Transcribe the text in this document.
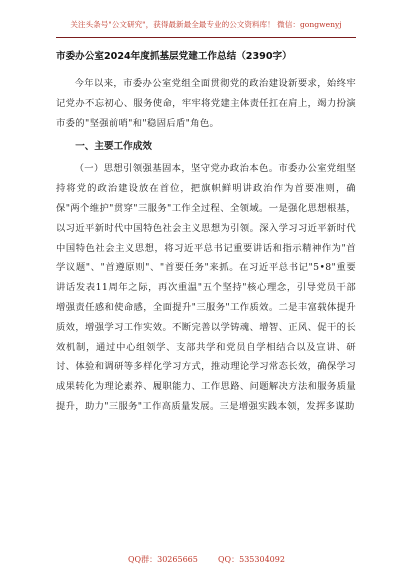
关注头条号"公文研究"，获得最新最全最专业的公文资料库！ 微信：gongwenyj
市委办公室2024年度抓基层党建工作总结（2390字）

今年以来，市委办公室党组全面贯彻党的政治建设新要求，始终牢记党办不忘初心、服务使命，牢牢将党建主体责任扛在肩上，竭力扮演市委的"坚强前哨"和"稳固后盾"角色。

一、主要工作成效

（一）思想引领强基固本，坚守党办政治本色。市委办公室党组坚持将党的政治建设放在首位，把旗帜鲜明讲政治作为首要准则，确保"两个维护"贯穿"三服务"工作全过程、全领域。一是强化思想根基，以习近平新时代中国特色社会主义思想为引领。深入学习习近平新时代中国特色社会主义思想，将习近平总书记重要讲话和指示精神作为"首学议题"、"首遵原则"、"首要任务"来抓。在习近平总书记"5•8"重要讲话发表11周年之际，再次重温"五个坚持"核心理念，引导党员干部增强责任感和使命感，全面提升"三服务"工作质效。二是丰富载体提升质效，增强学习工作实效。不断完善以学铸魂、增智、正风、促干的长效机制，通过中心组领学、支部共学和党员自学相结合以及宣讲、研讨、体验和调研等多样化学习方式，推动理论学习常态长效，确保学习成果转化为理论素养、履职能力、工作思路、问题解决方法和服务质量提升，助力"三服务"工作高质量发展。三是增强实践本领，发挥多谋助

QQ群：30265665	QQ：535304092
